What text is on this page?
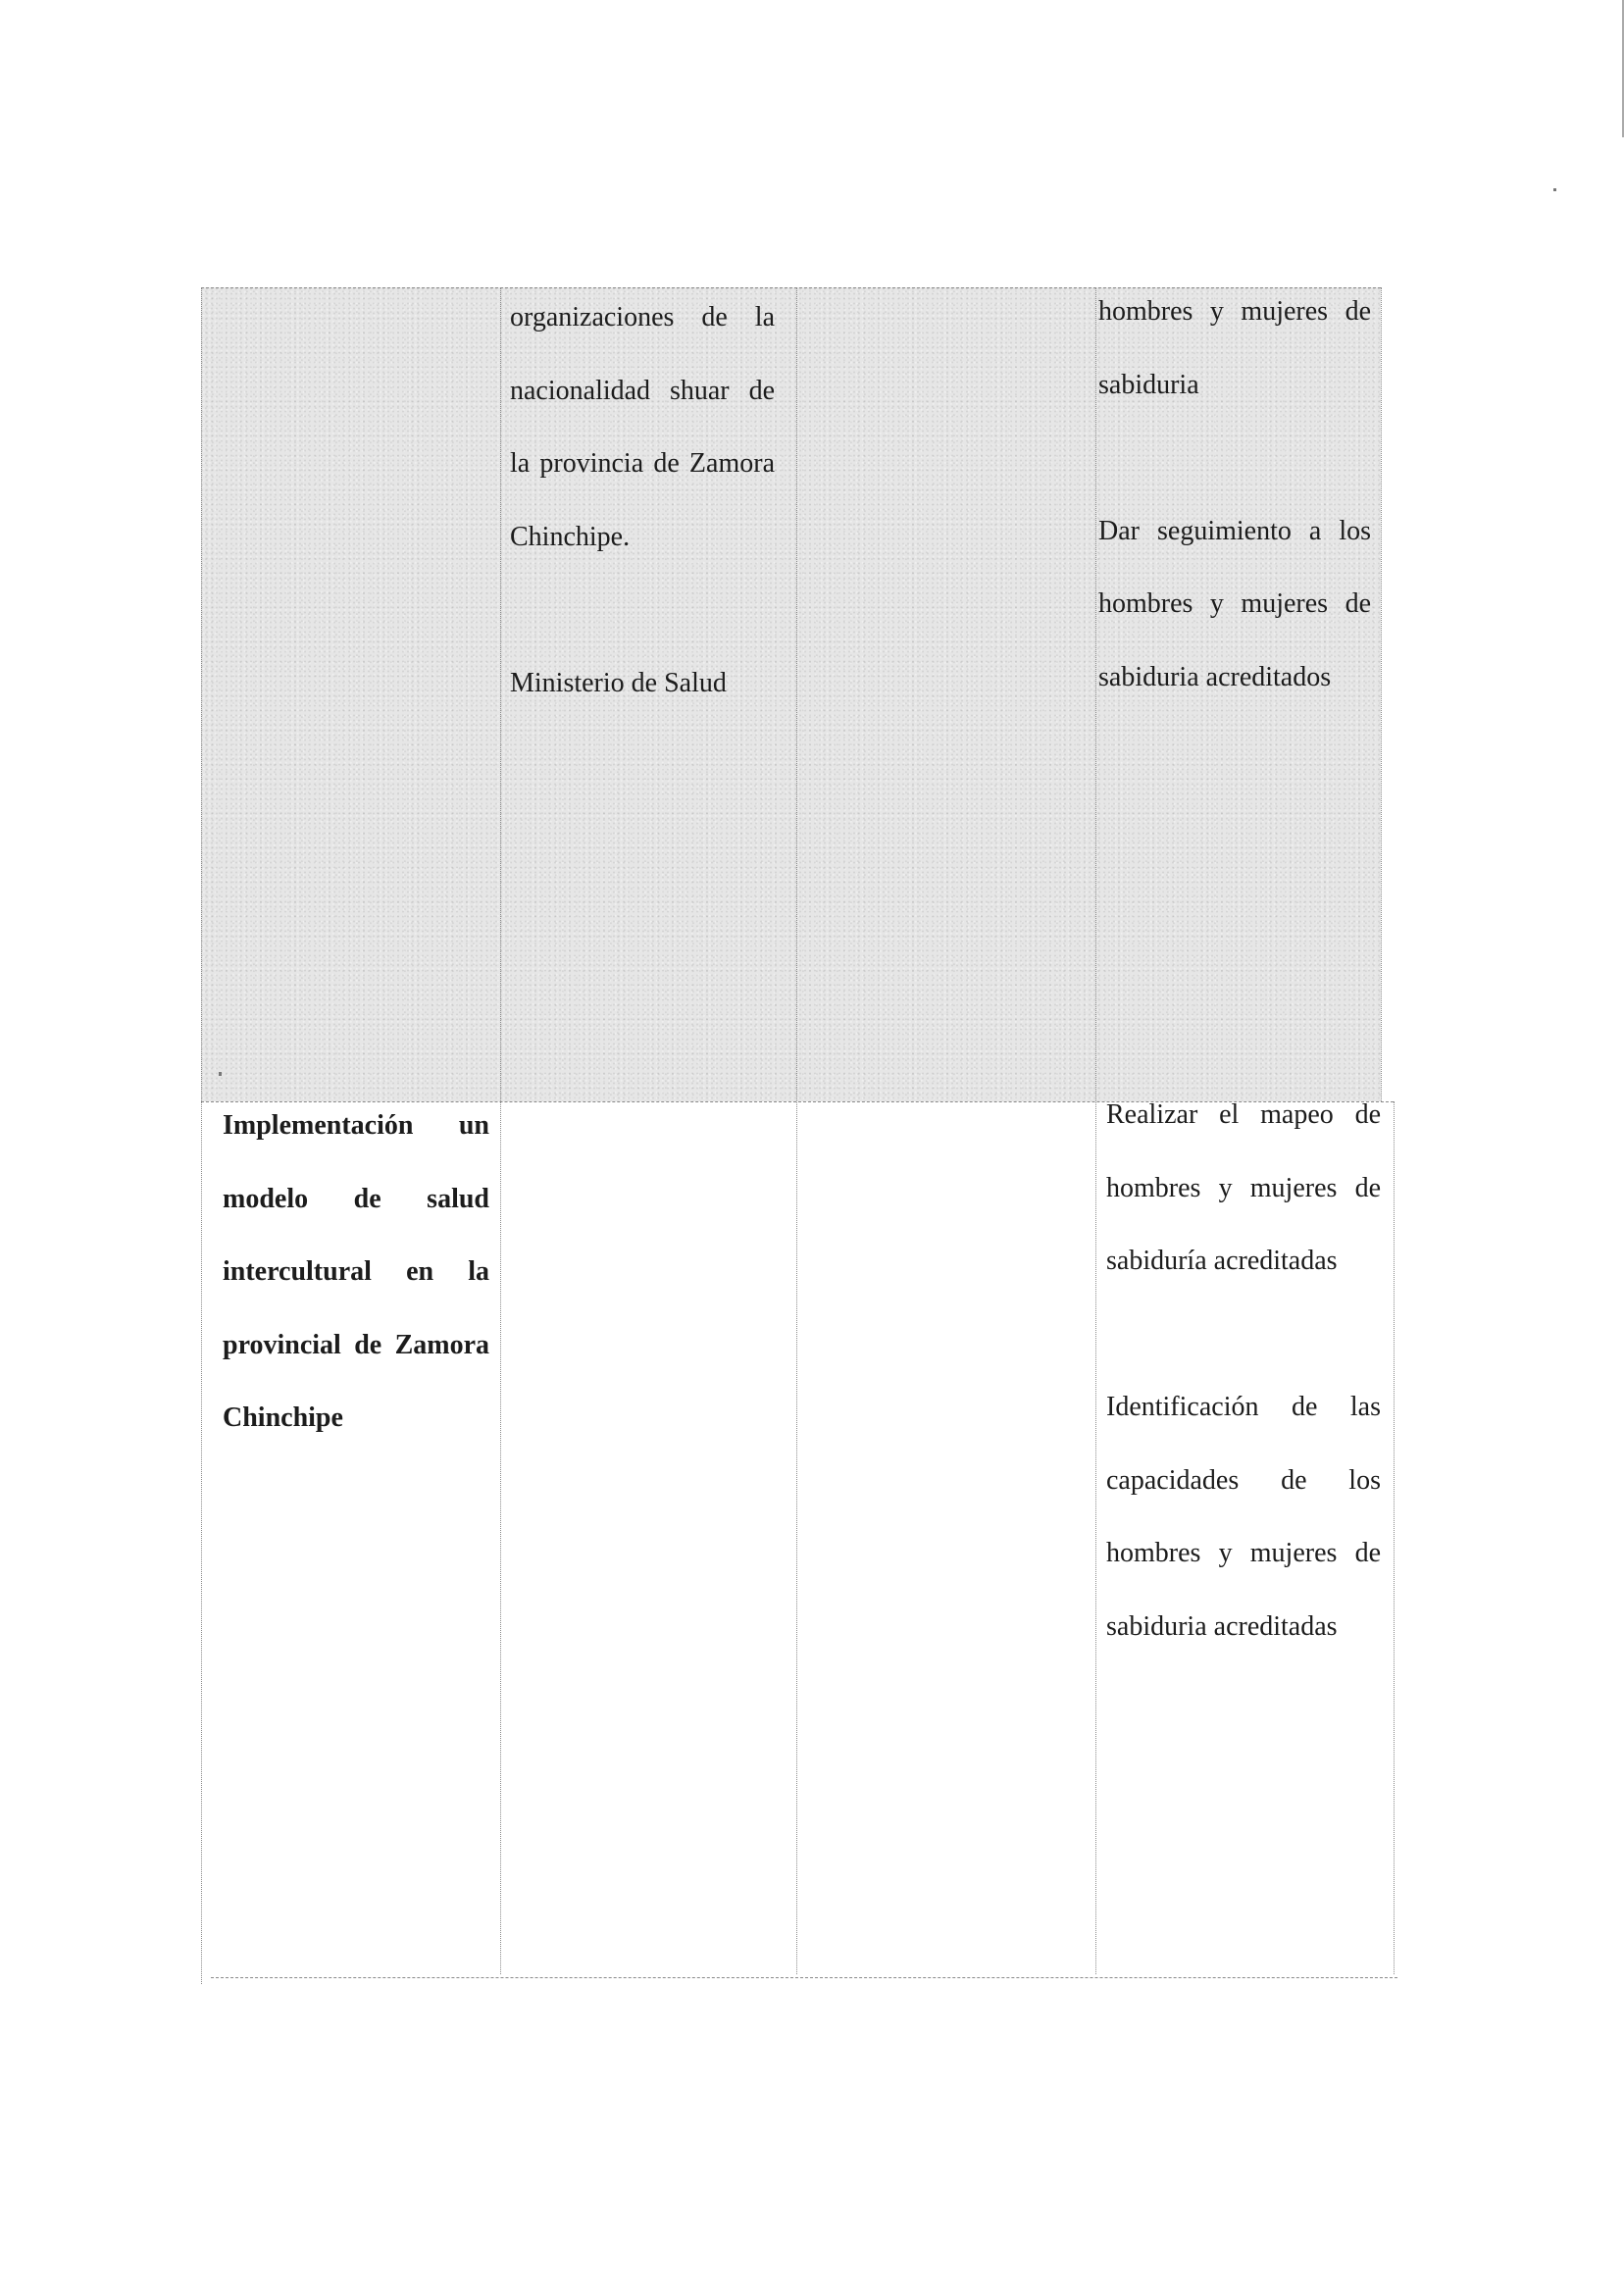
organizaciones de la nacionalidad shuar de la provincia de Zamora Chinchipe.

Ministerio de Salud

hombres y mujeres de sabiduria

Dar seguimiento a los hombres y mujeres de sabiduria acreditados

Implementación un modelo de salud intercultural en la provincial de Zamora Chinchipe

Realizar el mapeo de hombres y mujeres de sabiduría acreditadas

Identificación de las capacidades de los hombres y mujeres de sabiduria acreditadas
